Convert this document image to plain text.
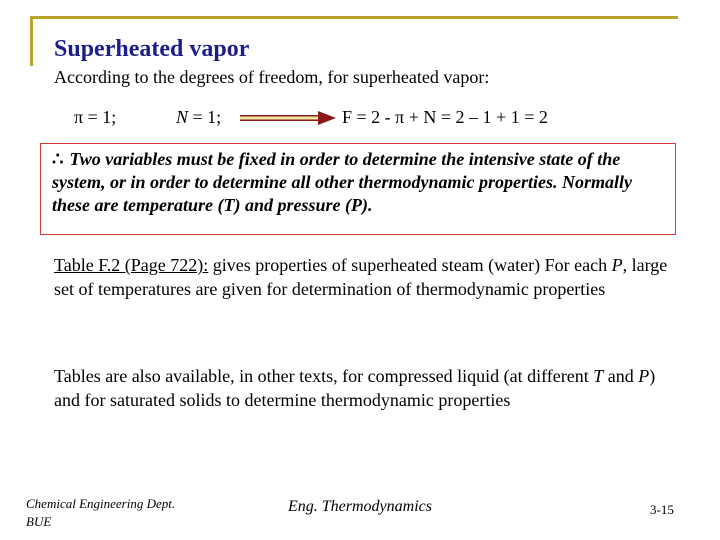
Superheated vapor
According to the degrees of freedom, for superheated vapor:
π = 1;	N = 1;	F = 2 - π + N = 2 – 1 + 1 = 2
∴ Two variables must be fixed in order to determine the intensive state of the system, or in order to determine all other thermodynamic properties. Normally these are temperature (T) and pressure (P).
Table F.2 (Page 722): gives properties of superheated steam (water) For each P, large set of temperatures are given for determination of thermodynamic properties
Tables are also available, in other texts, for compressed liquid (at different T and P) and for saturated solids to determine thermodynamic properties
Chemical Engineering Dept.
BUE
Eng. Thermodynamics	3-15
